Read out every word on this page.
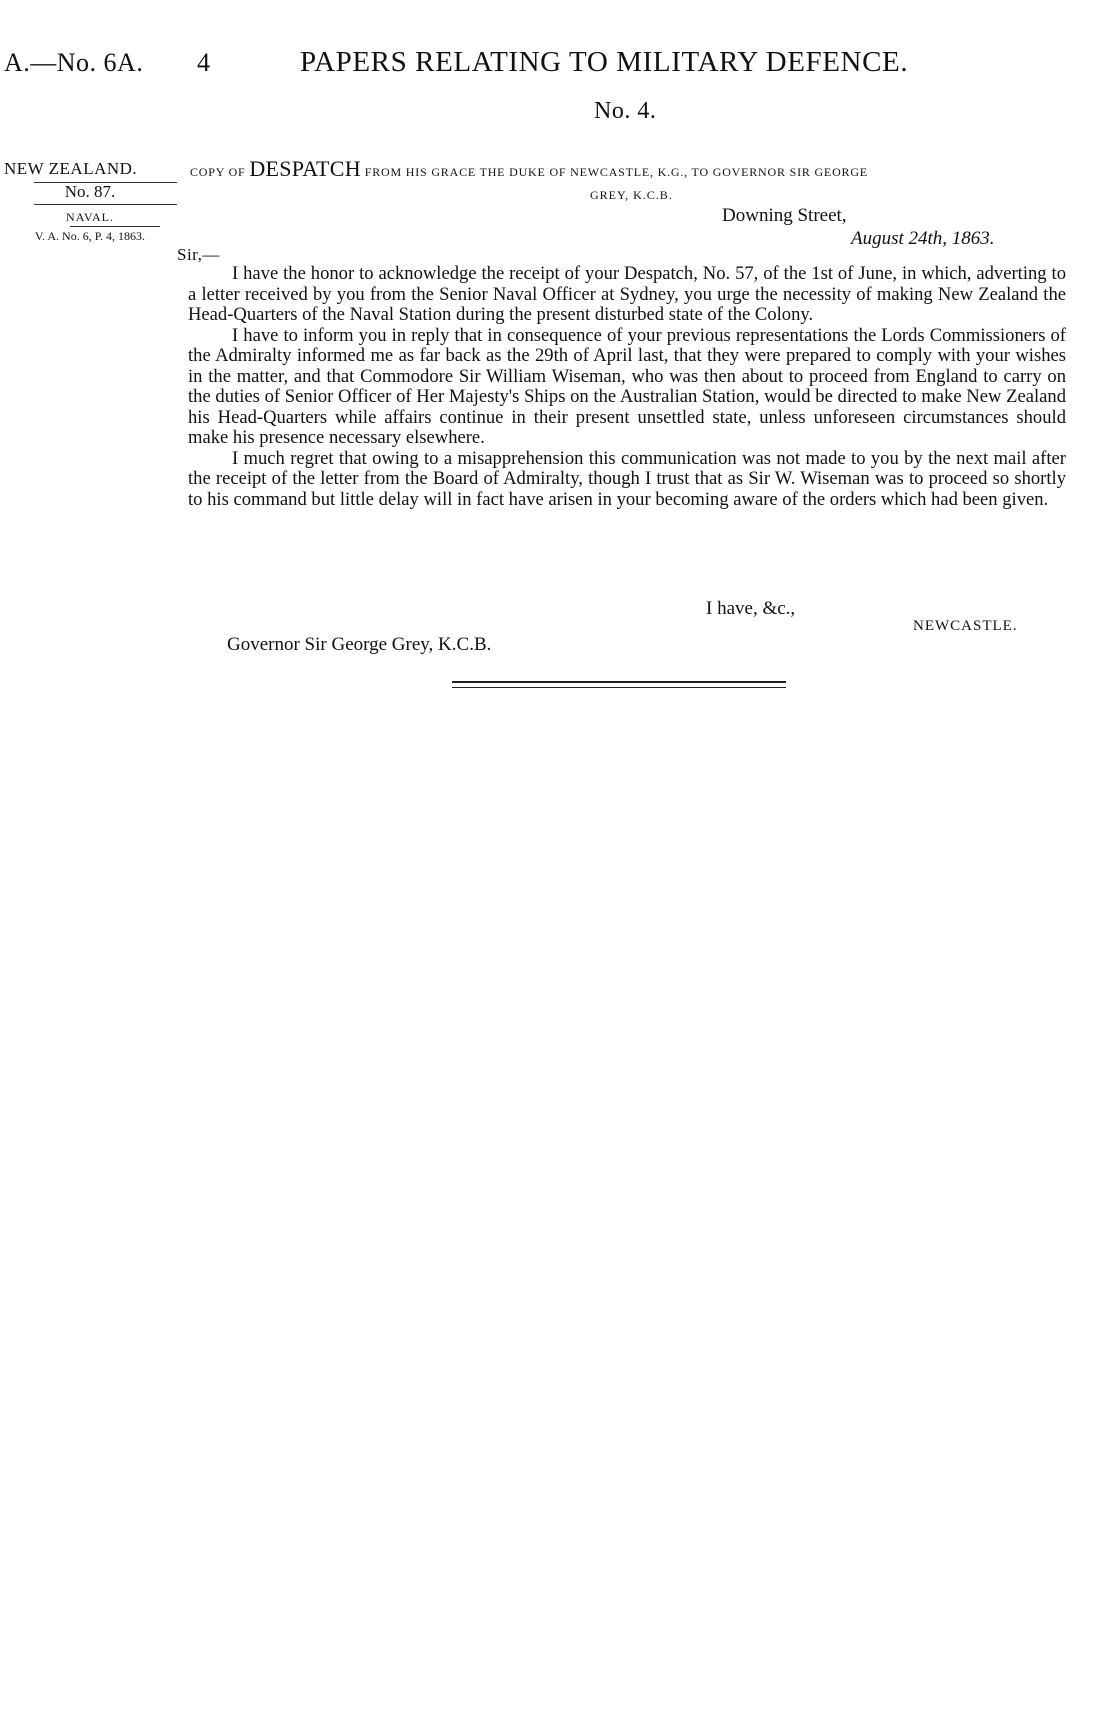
A.—No. 6A. 4	PAPERS RELATING TO MILITARY DEFENCE.
No. 4.
NEW ZEALAND.
No. 87.
NAVAL.
V. A. No. 6, P. 4, 1863.
COPY OF DESPATCH FROM HIS GRACE THE DUKE OF NEWCASTLE, K.G., TO GOVERNOR SIR GEORGE
GREY, K.C.B.
Downing Street,
August 24th, 1863.
Sir,—

I have the honor to acknowledge the receipt of your Despatch, No. 57, of the 1st of June, in which, adverting to a letter received by you from the Senior Naval Officer at Sydney, you urge the necessity of making New Zealand the Head-Quarters of the Naval Station during the present disturbed state of the Colony.

I have to inform you in reply that in consequence of your previous representations the Lords Commissioners of the Admiralty informed me as far back as the 29th of April last, that they were prepared to comply with your wishes in the matter, and that Commodore Sir William Wiseman, who was then about to proceed from England to carry on the duties of Senior Officer of Her Majesty's Ships on the Australian Station, would be directed to make New Zealand his Head-Quarters while affairs continue in their present unsettled state, unless unforeseen circumstances should make his presence necessary elsewhere.

I much regret that owing to a misapprehension this communication was not made to you by the next mail after the receipt of the letter from the Board of Admiralty, though I trust that as Sir W. Wiseman was to proceed so shortly to his command but little delay will in fact have arisen in your becoming aware of the orders which had been given.

I have, &c.,
NEWCASTLE.
Governor Sir George Grey, K.C.B.
